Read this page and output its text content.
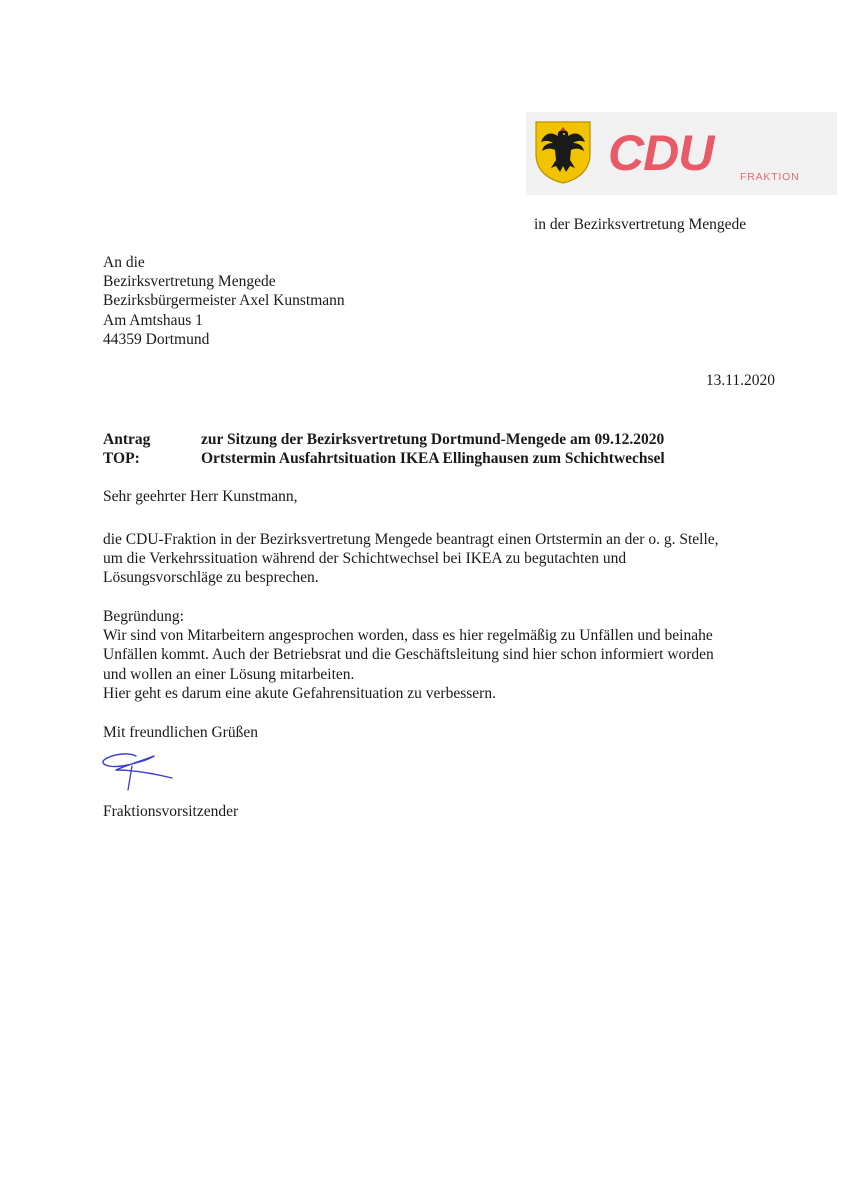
CDU	FRAKTION
in der Bezirksvertretung Mengede
An die
Bezirksvertretung Mengede
Bezirksbürgermeister Axel Kunstmann
Am Amtshaus 1
44359 Dortmund
13.11.2020
Antrag	zur Sitzung der Bezirksvertretung Dortmund-Mengede am 09.12.2020
TOP:	Ortstermin Ausfahrtsituation IKEA Ellinghausen zum Schichtwechsel
Sehr geehrter Herr Kunstmann,
die CDU-Fraktion in der Bezirksvertretung Mengede beantragt einen Ortstermin an der o. g. Stelle,
um die Verkehrssituation während der Schichtwechsel bei IKEA zu begutachten und
Lösungsvorschläge zu besprechen.
Begründung:
Wir sind von Mitarbeitern angesprochen worden, dass es hier regelmäßig zu Unfällen und beinahe
Unfällen kommt. Auch der Betriebsrat und die Geschäftsleitung sind hier schon informiert worden
und wollen an einer Lösung mitarbeiten.
Hier geht es darum eine akute Gefahrensituation zu verbessern.
Mit freundlichen Grüßen
Fraktionsvorsitzender
